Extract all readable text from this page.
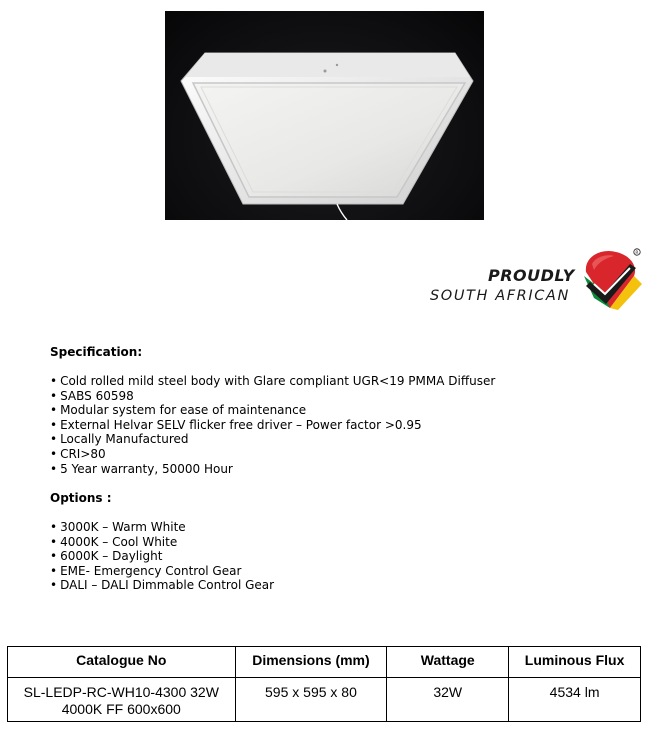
PROUDLY
SOUTH AFRICAN
R
Specification:
• Cold rolled mild steel body with Glare compliant UGR<19 PMMA Diffuser
• SABS 60598
• Modular system for ease of maintenance
• External Helvar SELV flicker free driver – Power factor >0.95
• Locally Manufactured
• CRI>80
• 5 Year warranty, 50000 Hour
Options :
• 3000K – Warm White
• 4000K – Cool White
• 6000K – Daylight
• EME- Emergency Control Gear
• DALI – DALI Dimmable Control Gear
Catalogue No	Dimensions (mm)	Wattage	Luminous Flux
SL-LEDP-RC-WH10-4300 32W 4000K FF 600x600	595 x 595 x 80	32W	4534 lm
